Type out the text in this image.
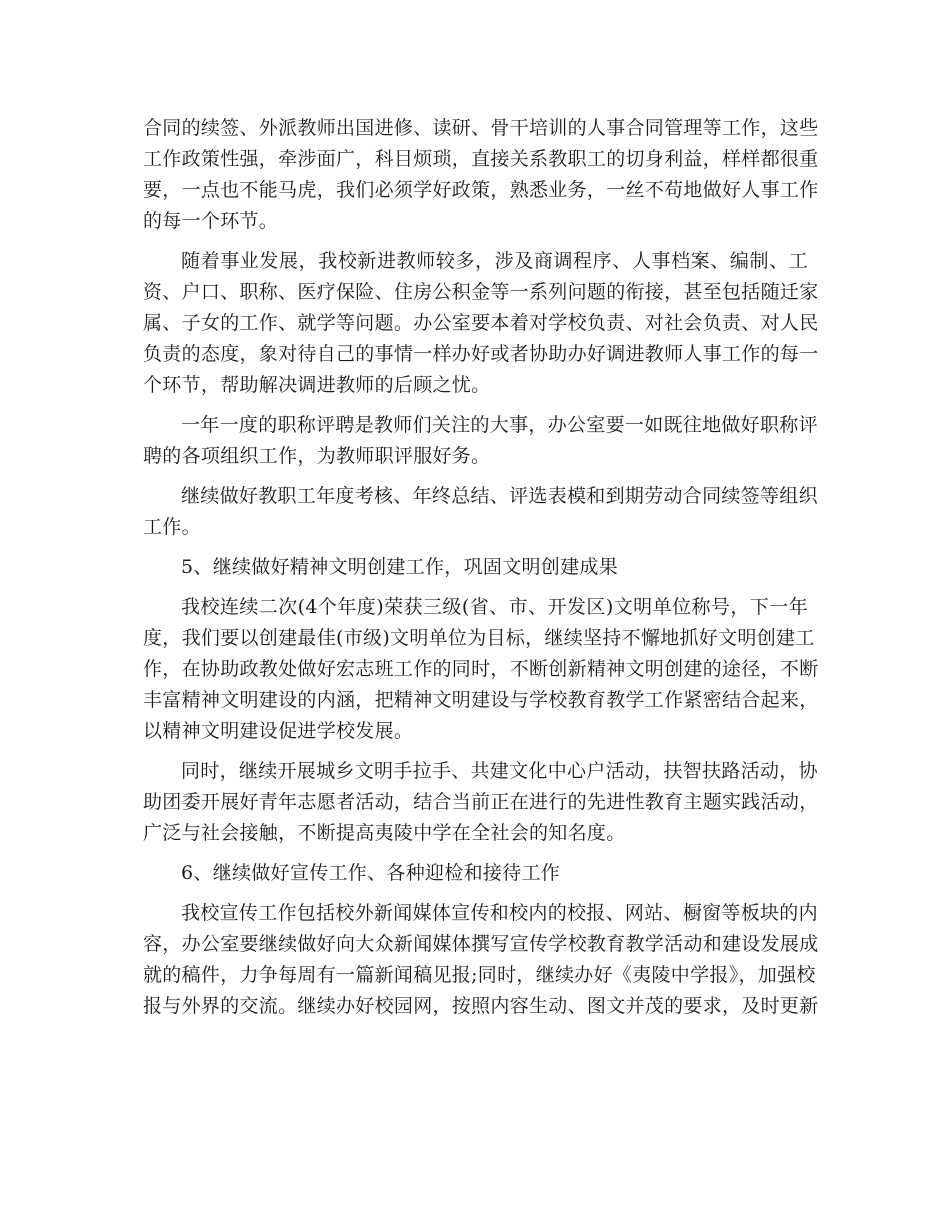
合同的续签、外派教师出国进修、读研、骨干培训的人事合同管理等工作，这些
工作政策性强，牵涉面广，科目烦琐，直接关系教职工的切身利益，样样都很重
要，一点也不能马虎，我们必须学好政策，熟悉业务，一丝不苟地做好人事工作
的每一个环节。
随着事业发展，我校新进教师较多，涉及商调程序、人事档案、编制、工
资、户口、职称、医疗保险、住房公积金等一系列问题的衔接，甚至包括随迁家
属、子女的工作、就学等问题。办公室要本着对学校负责、对社会负责、对人民
负责的态度，象对待自己的事情一样办好或者协助办好调进教师人事工作的每一
个环节，帮助解决调进教师的后顾之忧。
一年一度的职称评聘是教师们关注的大事，办公室要一如既往地做好职称评
聘的各项组织工作，为教师职评服好务。
继续做好教职工年度考核、年终总结、评选表模和到期劳动合同续签等组织
工作。
5、继续做好精神文明创建工作，巩固文明创建成果
我校连续二次(4个年度)荣获三级(省、市、开发区)文明单位称号，下一年
度，我们要以创建最佳(市级)文明单位为目标，继续坚持不懈地抓好文明创建工
作，在协助政教处做好宏志班工作的同时，不断创新精神文明创建的途径，不断
丰富精神文明建设的内涵，把精神文明建设与学校教育教学工作紧密结合起来，
以精神文明建设促进学校发展。
同时，继续开展城乡文明手拉手、共建文化中心户活动，扶智扶路活动，协
助团委开展好青年志愿者活动，结合当前正在进行的先进性教育主题实践活动，
广泛与社会接触，不断提高夷陵中学在全社会的知名度。
6、继续做好宣传工作、各种迎检和接待工作
我校宣传工作包括校外新闻媒体宣传和校内的校报、网站、橱窗等板块的内
容，办公室要继续做好向大众新闻媒体撰写宣传学校教育教学活动和建设发展成
就的稿件，力争每周有一篇新闻稿见报;同时，继续办好《夷陵中学报》，加强校
报与外界的交流。继续办好校园网，按照内容生动、图文并茂的要求，及时更新
